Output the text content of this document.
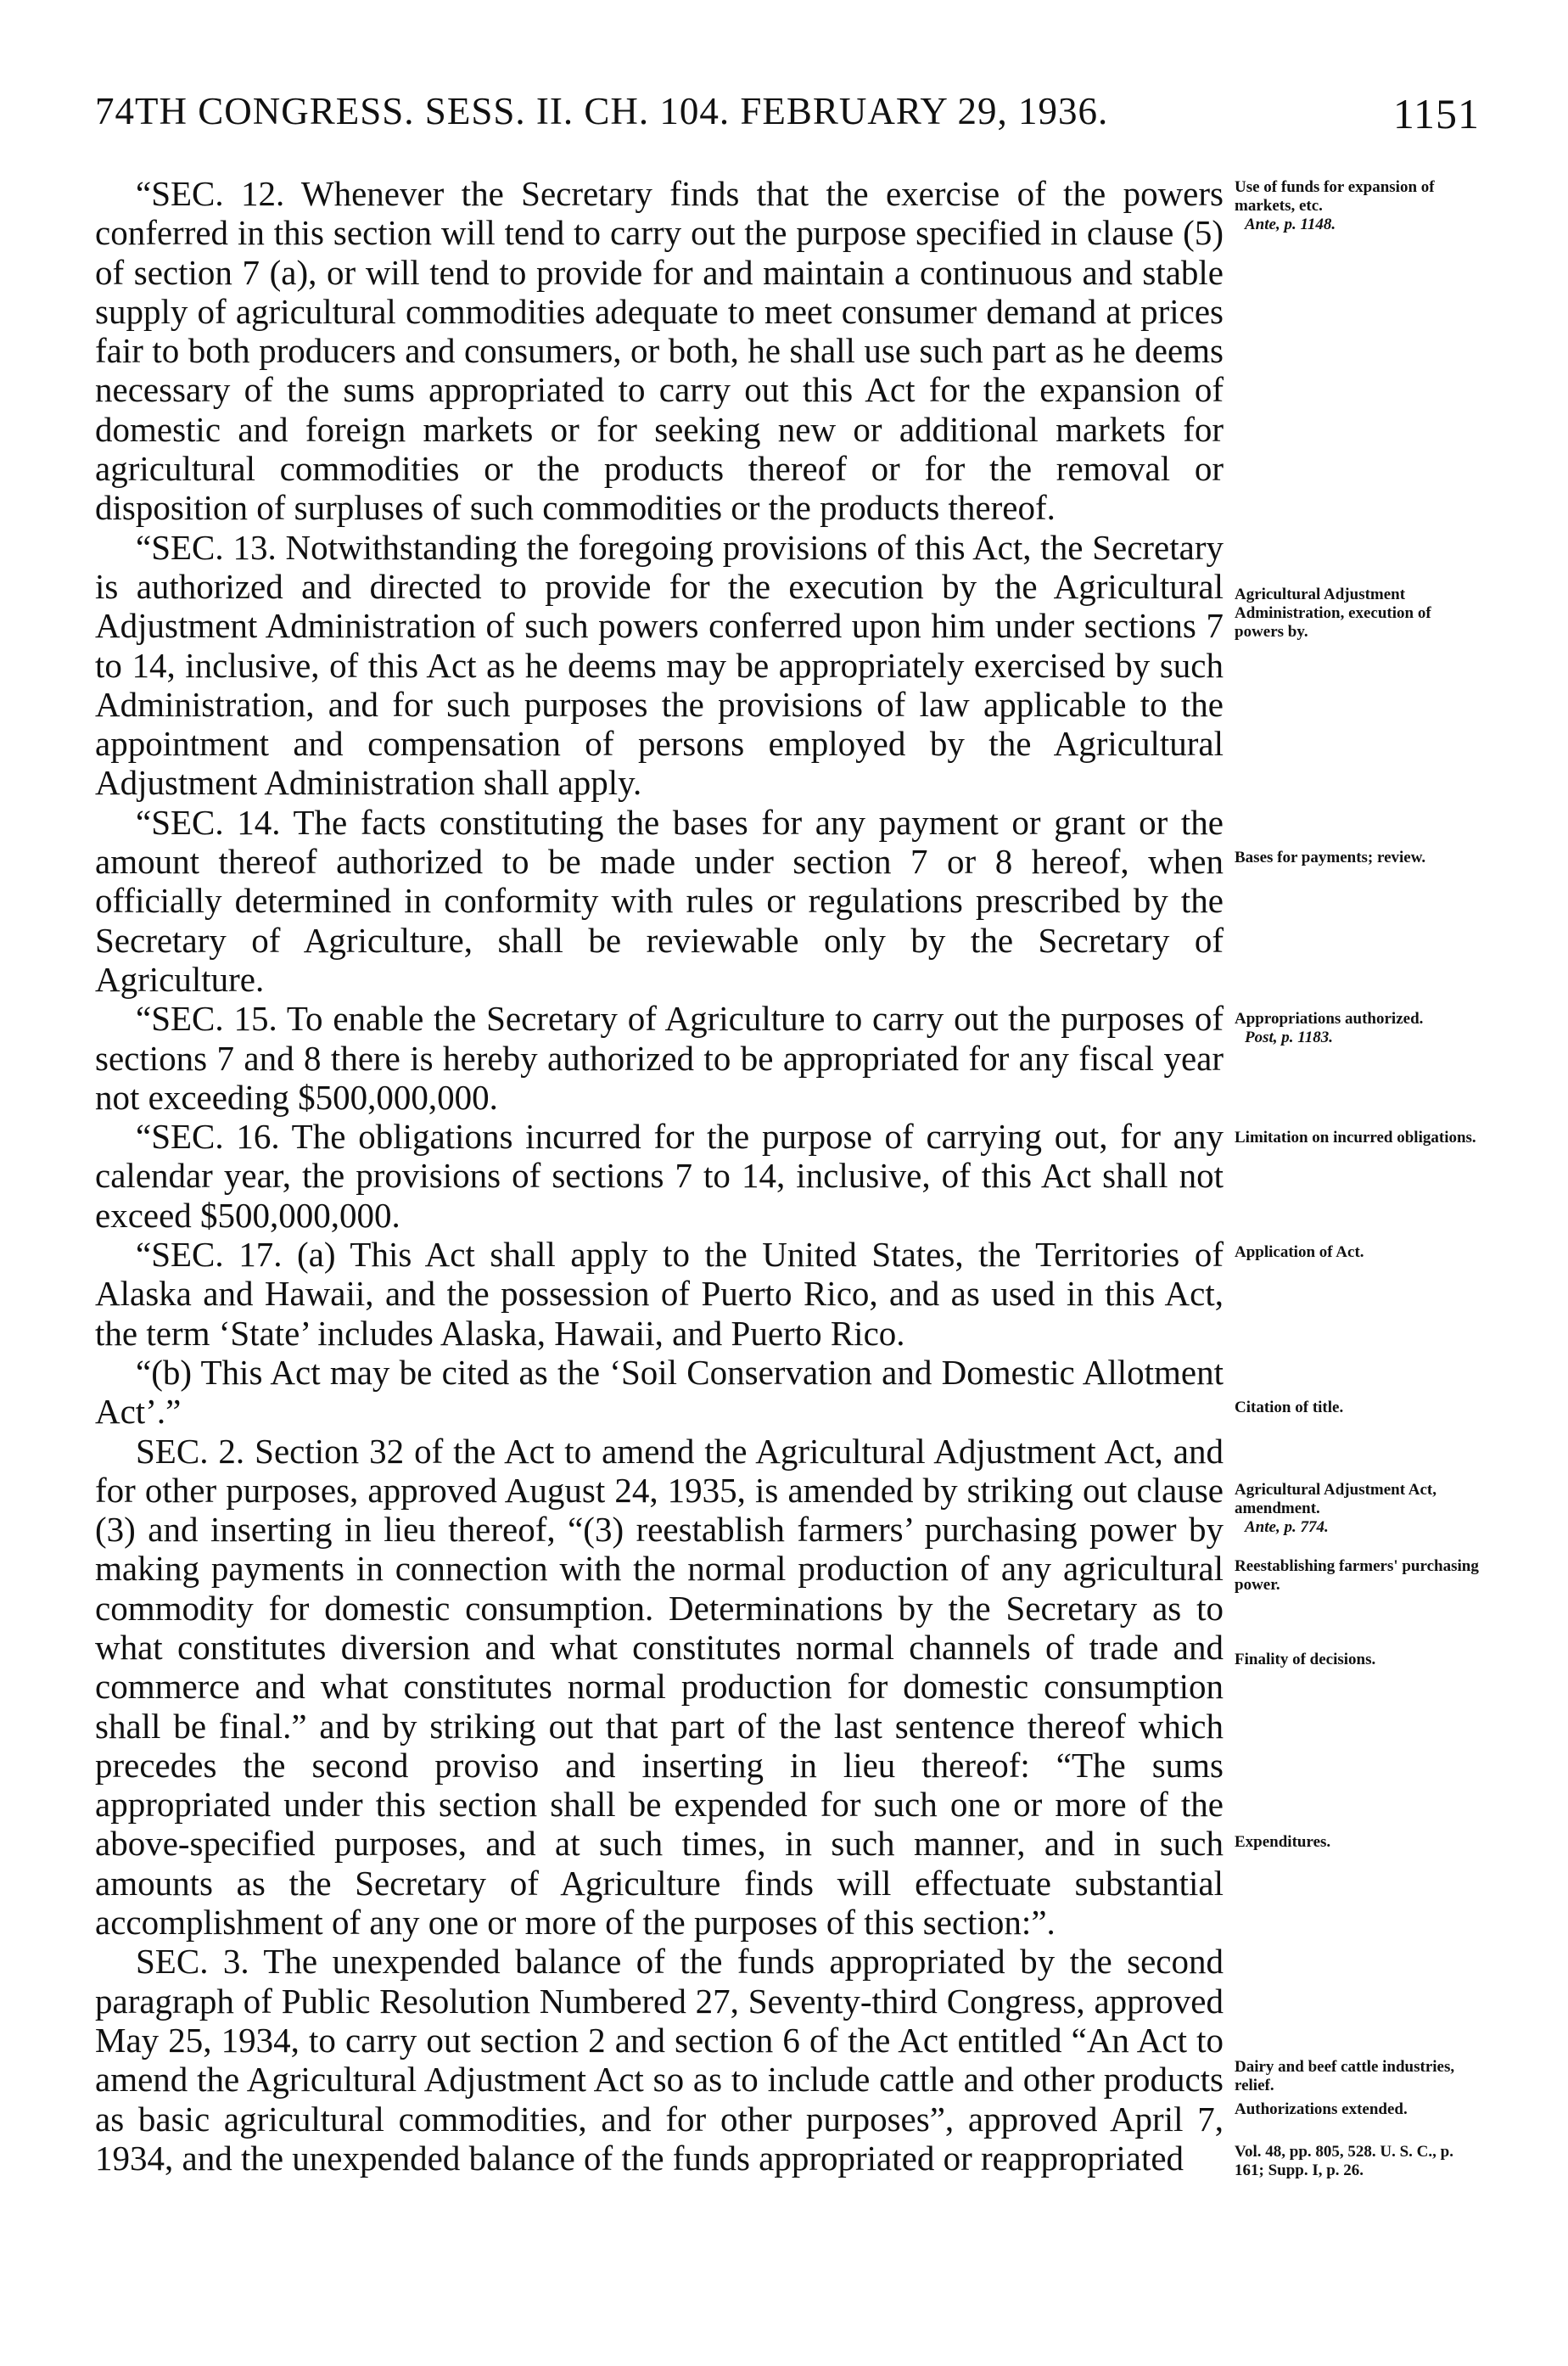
74TH CONGRESS. SESS. II. CH. 104. FEBRUARY 29, 1936.	1151

“SEC. 12. Whenever the Secretary finds that the exercise of the powers conferred in this section will tend to carry out the purpose specified in clause (5) of section 7 (a), or will tend to provide for and maintain a continuous and stable supply of agricultural commodities adequate to meet consumer demand at prices fair to both producers and consumers, or both, he shall use such part as he deems necessary of the sums appropriated to carry out this Act for the expansion of domestic and foreign markets or for seeking new or additional markets for agricultural commodities or the products thereof or for the removal or disposition of surpluses of such commodities or the products thereof.

“SEC. 13. Notwithstanding the foregoing provisions of this Act, the Secretary is authorized and directed to provide for the execution by the Agricultural Adjustment Administration of such powers conferred upon him under sections 7 to 14, inclusive, of this Act as he deems may be appropriately exercised by such Administration, and for such purposes the provisions of law applicable to the appointment and compensation of persons employed by the Agricultural Adjustment Administration shall apply.

“SEC. 14. The facts constituting the bases for any payment or grant or the amount thereof authorized to be made under section 7 or 8 hereof, when officially determined in conformity with rules or regulations prescribed by the Secretary of Agriculture, shall be reviewable only by the Secretary of Agriculture.

“SEC. 15. To enable the Secretary of Agriculture to carry out the purposes of sections 7 and 8 there is hereby authorized to be appropriated for any fiscal year not exceeding $500,000,000.

“SEC. 16. The obligations incurred for the purpose of carrying out, for any calendar year, the provisions of sections 7 to 14, inclusive, of this Act shall not exceed $500,000,000.

“SEC. 17. (a) This Act shall apply to the United States, the Territories of Alaska and Hawaii, and the possession of Puerto Rico, and as used in this Act, the term ‘State’ includes Alaska, Hawaii, and Puerto Rico.

“(b) This Act may be cited as the ‘Soil Conservation and Domestic Allotment Act’.”

SEC. 2. Section 32 of the Act to amend the Agricultural Adjustment Act, and for other purposes, approved August 24, 1935, is amended by striking out clause (3) and inserting in lieu thereof, “(3) reestablish farmers’ purchasing power by making payments in connection with the normal production of any agricultural commodity for domestic consumption. Determinations by the Secretary as to what constitutes diversion and what constitutes normal channels of trade and commerce and what constitutes normal production for domestic consumption shall be final.” and by striking out that part of the last sentence thereof which precedes the second proviso and inserting in lieu thereof: “The sums appropriated under this section shall be expended for such one or more of the above-specified purposes, and at such times, in such manner, and in such amounts as the Secretary of Agriculture finds will effectuate substantial accomplishment of any one or more of the purposes of this section:”.

SEC. 3. The unexpended balance of the funds appropriated by the second paragraph of Public Resolution Numbered 27, Seventy-third Congress, approved May 25, 1934, to carry out section 2 and section 6 of the Act entitled “An Act to amend the Agricultural Adjustment Act so as to include cattle and other products as basic agricultural commodities, and for other purposes”, approved April 7, 1934, and the unexpended balance of the funds appropriated or reappropriated

Use of funds for expansion of markets, etc.
Ante, p. 1148.
Agricultural Adjustment Administration, execution of powers by.
Bases for payments; review.
Appropriations authorized.
Post, p. 1183.
Limitation on incurred obligations.
Application of Act.
Citation of title.
Agricultural Adjustment Act, amendment.
Ante, p. 774.
Reestablishing farmers' purchasing power.
Finality of decisions.
Expenditures.
Dairy and beef cattle industries, relief.
Authorizations extended.
Vol. 48, pp. 805, 528. U. S. C., p. 161; Supp. I, p. 26.
